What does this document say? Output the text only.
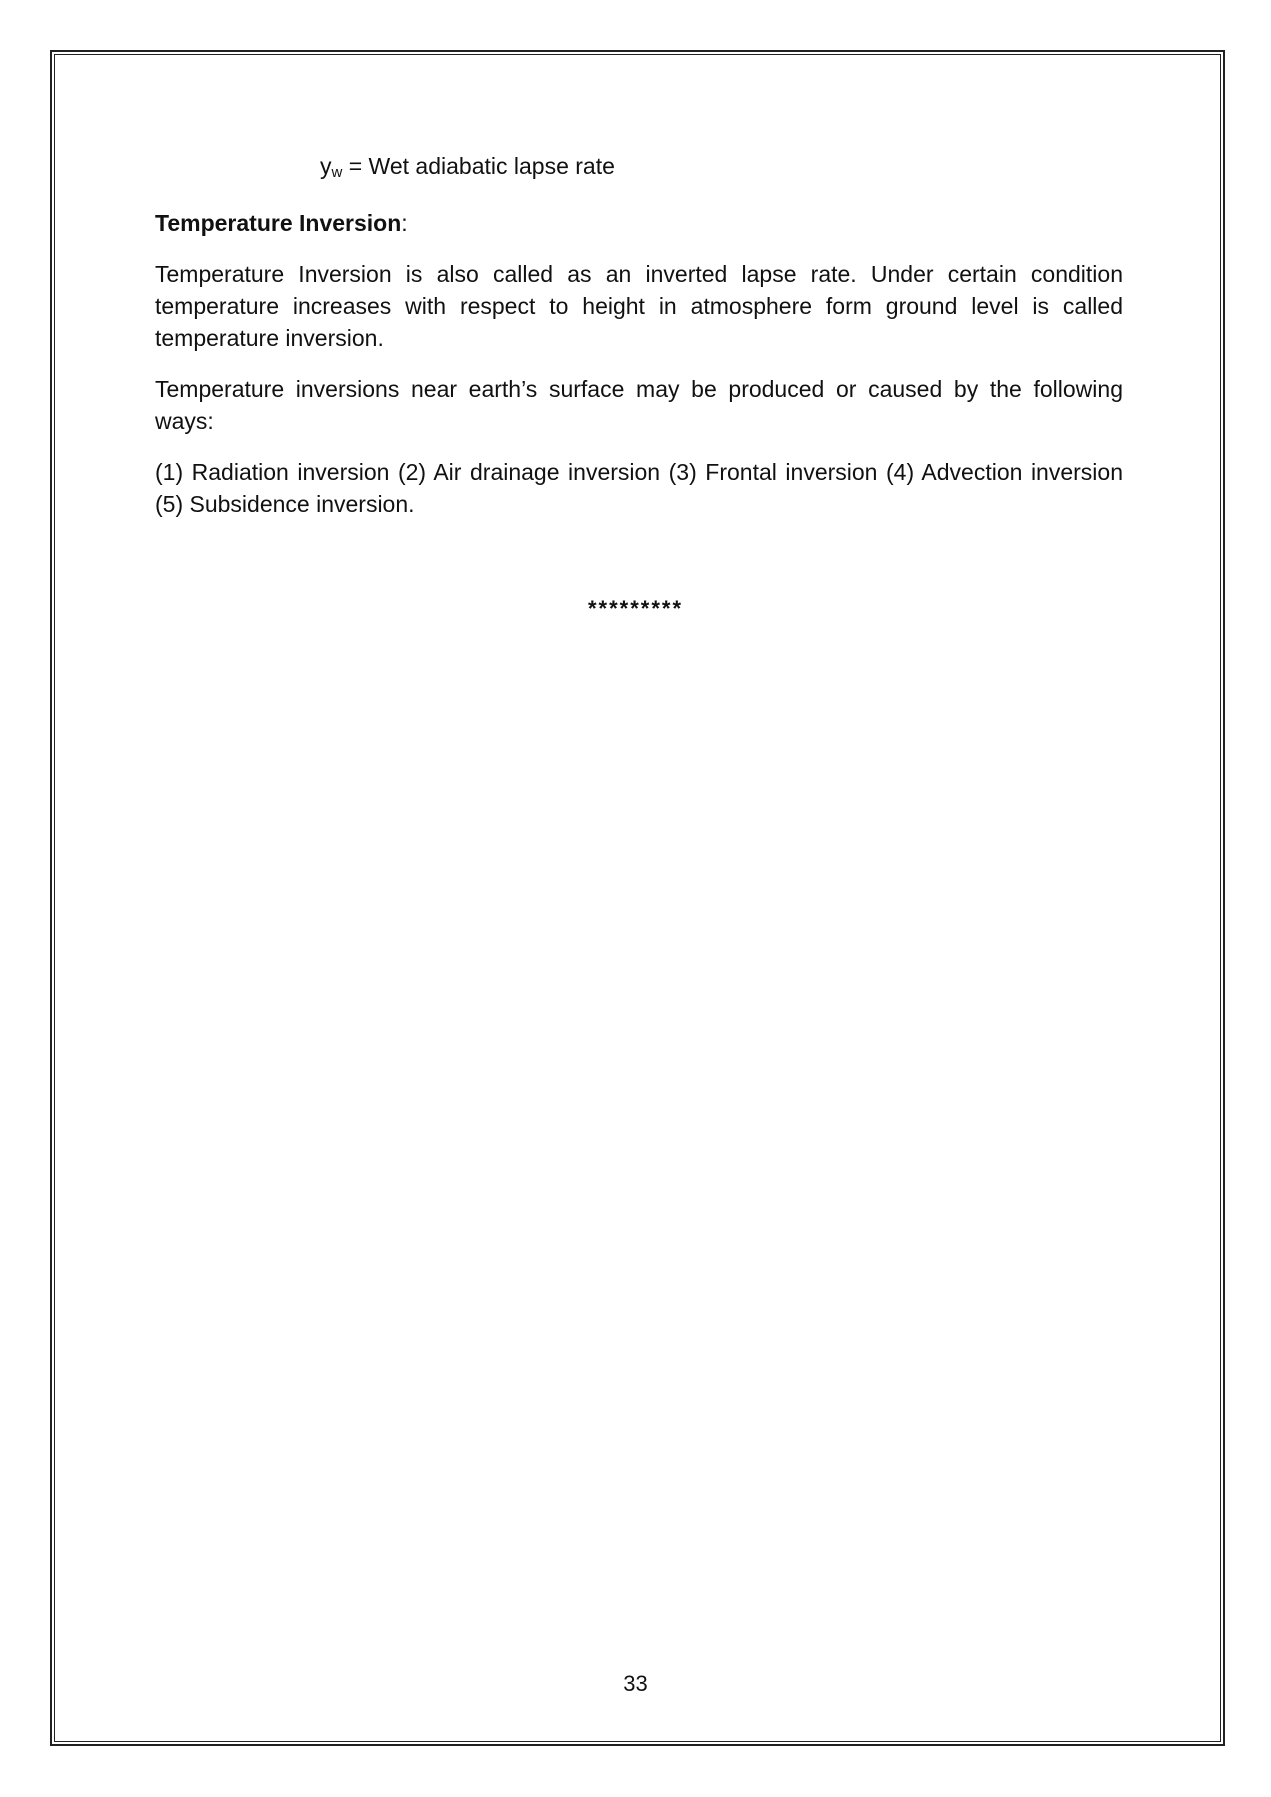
$y_w$ = Wet adiabatic lapse rate

Temperature Inversion:

Temperature Inversion is also called as an inverted lapse rate. Under certain condition temperature increases with respect to height in atmosphere form ground level is called temperature inversion.

Temperature inversions near earth’s surface may be produced or caused by the following ways:

(1) Radiation inversion (2) Air drainage inversion (3) Frontal inversion (4) Advection inversion (5) Subsidence inversion.

*********
33
